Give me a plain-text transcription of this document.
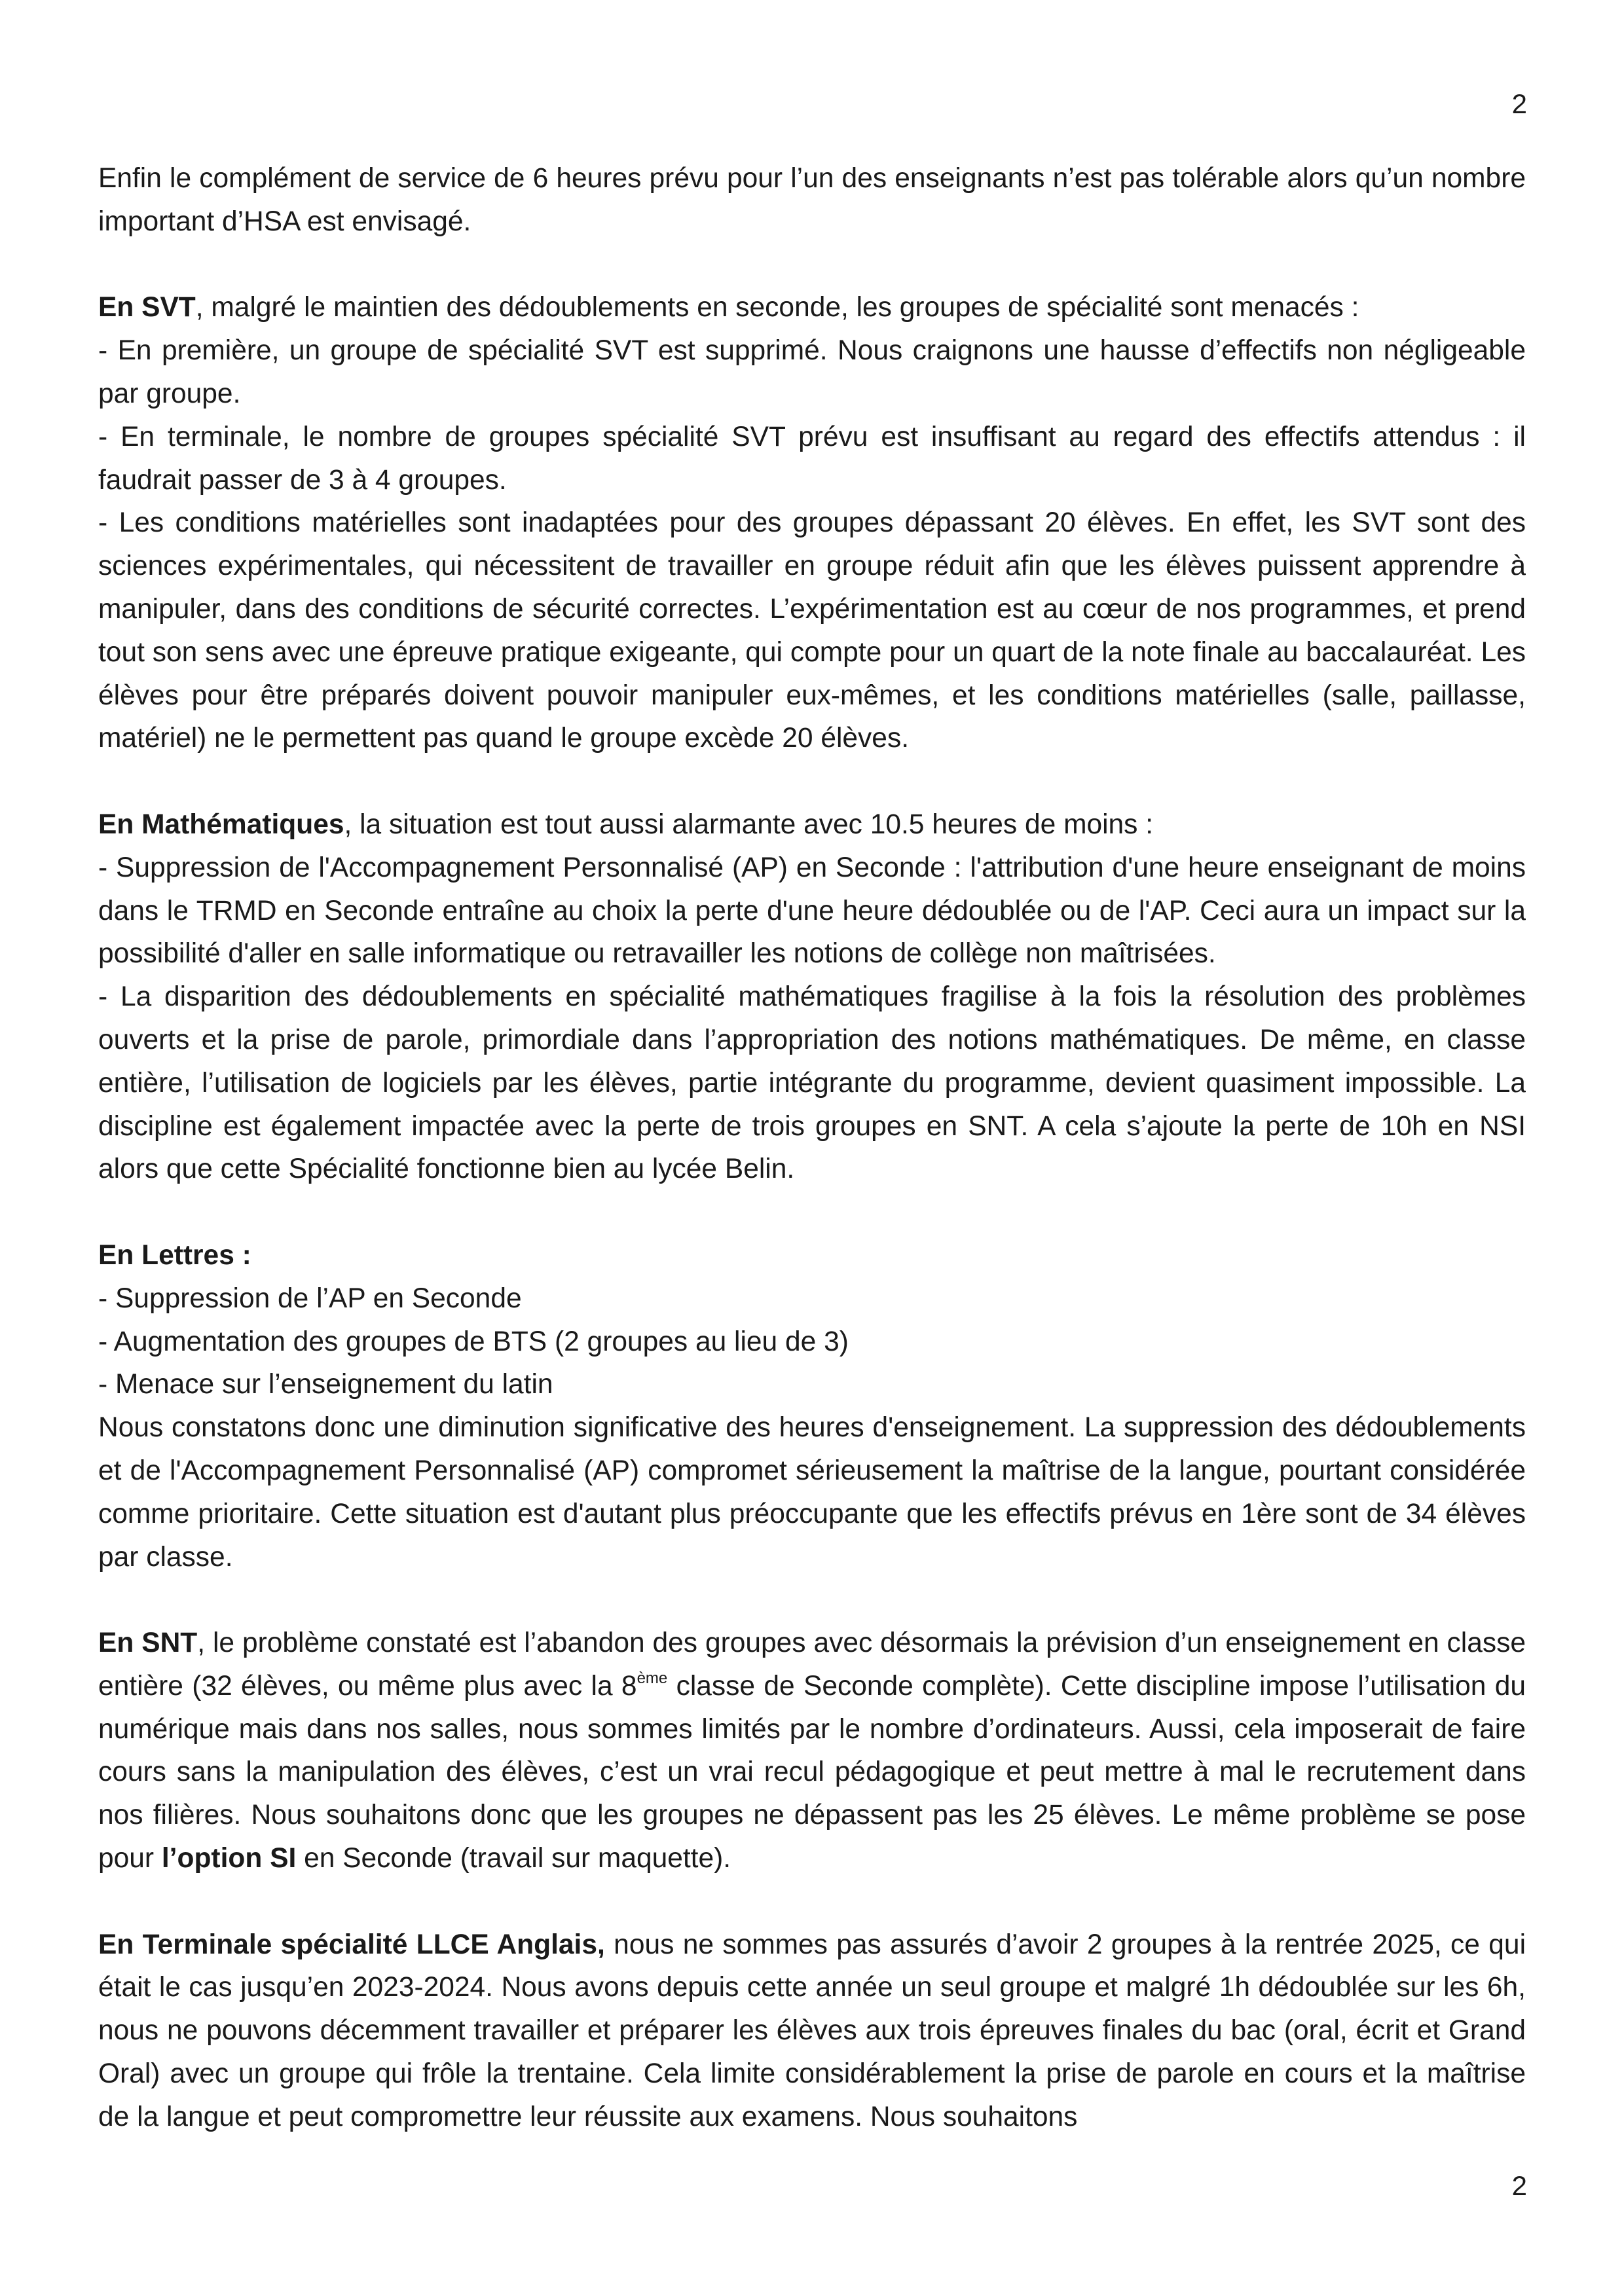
2

Enfin le complément de service de 6 heures prévu pour l’un des enseignants n’est pas tolérable alors qu’un nombre important d’HSA est envisagé.

En SVT, malgré le maintien des dédoublements en seconde, les groupes de spécialité sont menacés :

- En première, un groupe de spécialité SVT est supprimé. Nous craignons une hausse d’effectifs non négligeable par groupe.

- En terminale, le nombre de groupes spécialité SVT prévu est insuffisant au regard des effectifs attendus : il faudrait passer de 3 à 4 groupes.

- Les conditions matérielles sont inadaptées pour des groupes dépassant 20 élèves. En effet, les SVT sont des sciences expérimentales, qui nécessitent de travailler en groupe réduit afin que les élèves puissent apprendre à manipuler, dans des conditions de sécurité correctes. L’expérimentation est au cœur de nos programmes, et prend tout son sens avec une épreuve pratique exigeante, qui compte pour un quart de la note finale au baccalauréat. Les élèves pour être préparés doivent pouvoir manipuler eux-mêmes, et les conditions matérielles (salle, paillasse, matériel) ne le permettent pas quand le groupe excède 20 élèves.

En Mathématiques, la situation est tout aussi alarmante avec 10.5 heures de moins :

- Suppression de l'Accompagnement Personnalisé (AP) en Seconde : l'attribution d'une heure enseignant de moins dans le TRMD en Seconde entraîne au choix la perte d'une heure dédoublée ou de l'AP. Ceci aura un impact sur la possibilité d'aller en salle informatique ou retravailler les notions de collège non maîtrisées.

- La disparition des dédoublements en spécialité mathématiques fragilise à la fois la résolution des problèmes ouverts et la prise de parole, primordiale dans l’appropriation des notions mathématiques. De même, en classe entière, l’utilisation de logiciels par les élèves, partie intégrante du programme, devient quasiment impossible. La discipline est également impactée avec la perte de trois groupes en SNT. A cela s’ajoute la perte de 10h en NSI alors que cette Spécialité fonctionne bien au lycée Belin.

En Lettres :

- Suppression de l’AP en Seconde

- Augmentation des groupes de BTS (2 groupes au lieu de 3)

- Menace sur l’enseignement du latin

Nous constatons donc une diminution significative des heures d'enseignement. La suppression des dédoublements et de l'Accompagnement Personnalisé (AP) compromet sérieusement la maîtrise de la langue, pourtant considérée comme prioritaire. Cette situation est d'autant plus préoccupante que les effectifs prévus en 1ère sont de 34 élèves par classe.

En SNT, le problème constaté est l’abandon des groupes avec désormais la prévision d’un enseignement en classe entière (32 élèves, ou même plus avec la 8ème classe de Seconde complète). Cette discipline impose l’utilisation du numérique mais dans nos salles, nous sommes limités par le nombre d’ordinateurs. Aussi, cela imposerait de faire cours sans la manipulation des élèves, c’est un vrai recul pédagogique et peut mettre à mal le recrutement dans nos filières. Nous souhaitons donc que les groupes ne dépassent pas les 25 élèves. Le même problème se pose pour l’option SI en Seconde (travail sur maquette).

En Terminale spécialité LLCE Anglais, nous ne sommes pas assurés d’avoir 2 groupes à la rentrée 2025, ce qui était le cas jusqu’en 2023-2024. Nous avons depuis cette année un seul groupe et malgré 1h dédoublée sur les 6h, nous ne pouvons décemment travailler et préparer les élèves aux trois épreuves finales du bac (oral, écrit et Grand Oral) avec un groupe qui frôle la trentaine. Cela limite considérablement la prise de parole en cours et la maîtrise de la langue et peut compromettre leur réussite aux examens. Nous souhaitons

2
